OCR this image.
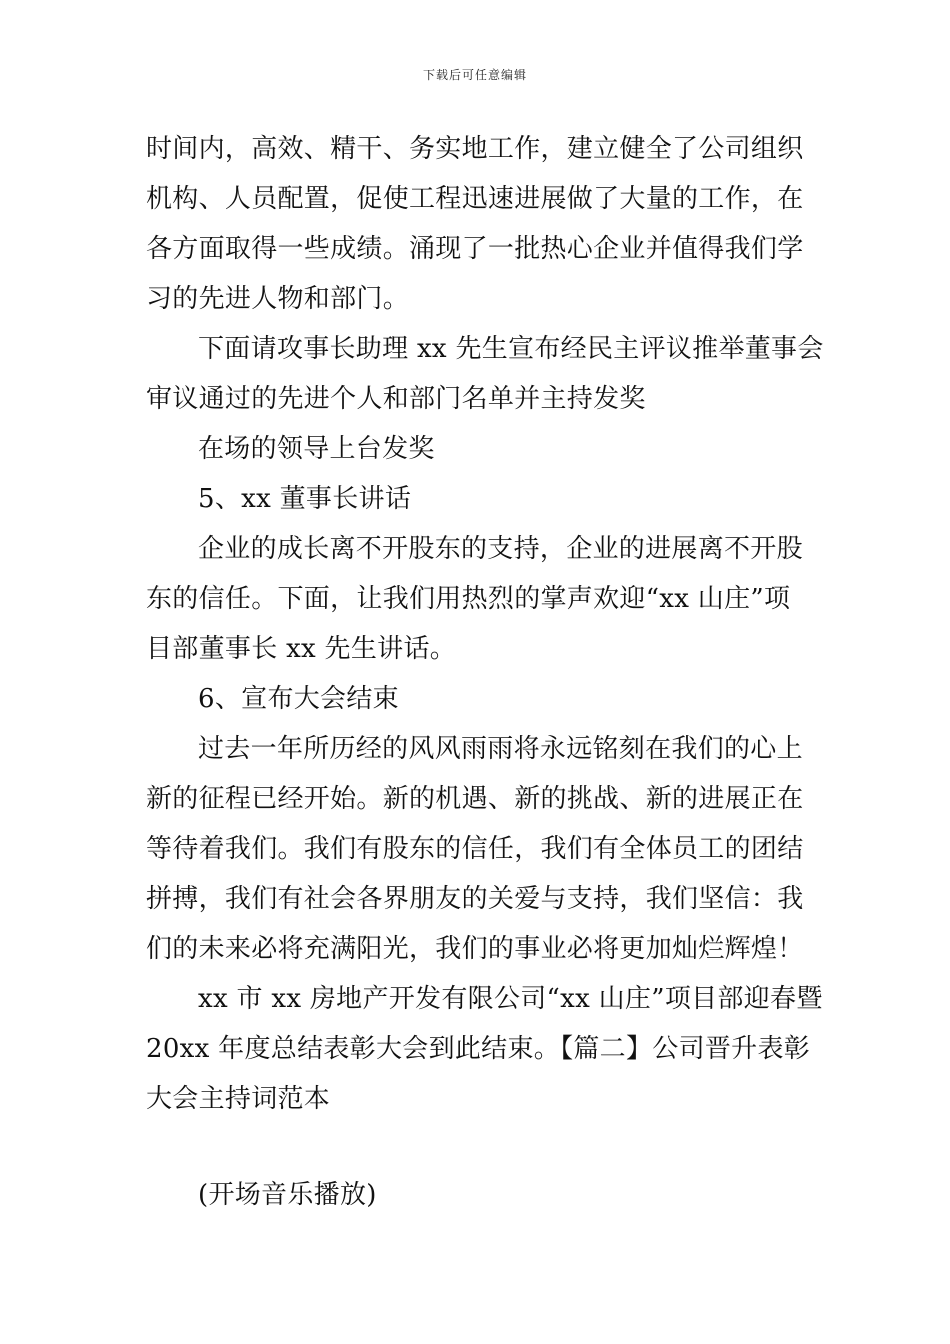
下载后可任意编辑
时间内，高效、精干、务实地工作，建立健全了公司组织
机构、人员配置，促使工程迅速进展做了大量的工作，在
各方面取得一些成绩。涌现了一批热心企业并值得我们学
习的先进人物和部门。
下面请攻事长助理 xx 先生宣布经民主评议推举董事会
审议通过的先进个人和部门名单并主持发奖
在场的领导上台发奖
5、xx 董事长讲话
企业的成长离不开股东的支持，企业的进展离不开股
东的信任。下面，让我们用热烈的掌声欢迎“xx 山庄”项
目部董事长 xx 先生讲话。
6、宣布大会结束
过去一年所历经的风风雨雨将永远铭刻在我们的心上
新的征程已经开始。新的机遇、新的挑战、新的进展正在
等待着我们。我们有股东的信任，我们有全体员工的团结
拼搏，我们有社会各界朋友的关爱与支持，我们坚信：我
们的未来必将充满阳光，我们的事业必将更加灿烂辉煌！
xx 市 xx 房地产开发有限公司“xx 山庄”项目部迎春暨
20xx 年度总结表彰大会到此结束。【篇二】公司晋升表彰
大会主持词范本
(开场音乐播放)
